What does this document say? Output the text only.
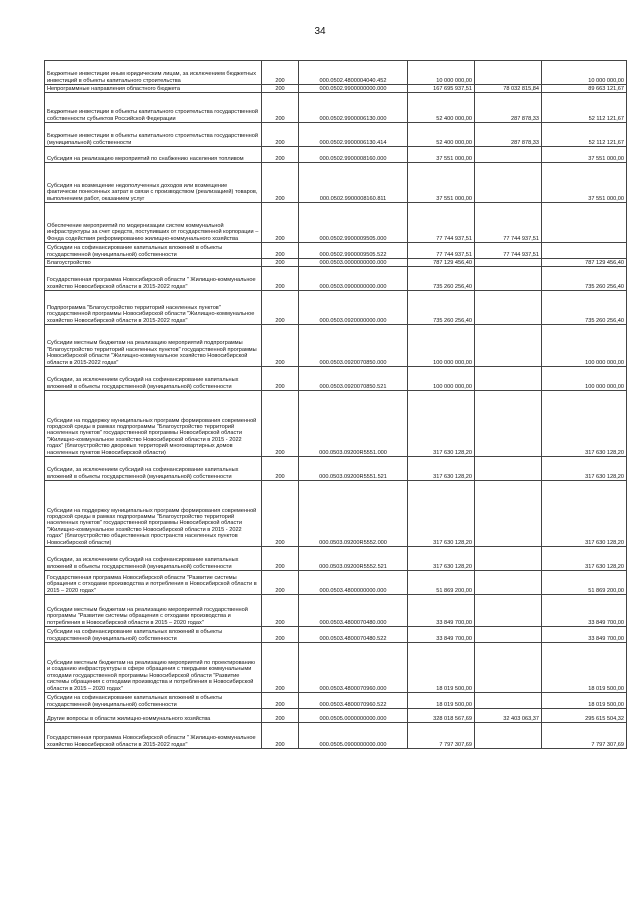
34
Бюджетные инвестиции иным юридическим лицам, за исключением бюджетных инвестиций в объекты капитального строительства	200	000.0502.4800004040.452	10 000 000,00		10 000 000,00
Непрограммные направления областного бюджета	200	000.0502.9900000000.000	167 695 937,51	78 032 815,84	89 663 121,67
Бюджетные инвестиции в объекты капитального строительства государственной собственности субъектов Российской Федерации	200	000.0502.9900006130.000	52 400 000,00	287 878,33	52 112 121,67
Бюджетные инвестиции в объекты капитального строительства государственной (муниципальной) собственности	200	000.0502.9900006130.414	52 400 000,00	287 878,33	52 112 121,67
Субсидия на реализацию мероприятий по снабжению населения топливом	200	000.0502.9900008160.000	37 551 000,00		37 551 000,00
Субсидия на возмещение недополученных доходов или возмещение фактически понесенных затрат в связи с производством (реализацией) товаров, выполнением работ, оказанием услуг	200	000.0502.9900008160.811	37 551 000,00		37 551 000,00
Обеспечение мероприятий по модернизации систем коммунальной инфраструктуры за счет средств, поступивших от государственной корпорации – Фонда содействия реформированию жилищно-коммунального хозяйства	200	000.0502.9900009505.000	77 744 937,51	77 744 937,51	
Субсидии на софинансирование капитальных вложений в объекты государственной (муниципальной) собственности	200	000.0502.9900009505.522	77 744 937,51	77 744 937,51	
Благоустройство	200	000.0503.0000000000.000	787 129 456,40		787 129 456,40
Государственная программа Новосибирской области " Жилищно-коммунальное хозяйство Новосибирской области в 2015-2022 годах"	200	000.0503.0900000000.000	735 260 256,40		735 260 256,40
Подпрограмма "Благоустройство территорий населенных пунктов" государственной программы Новосибирской области "Жилищно-коммунальное хозяйство Новосибирской области в 2015-2022 годах"	200	000.0503.0920000000.000	735 260 256,40		735 260 256,40
Субсидии местным бюджетам на реализацию мероприятий подпрограммы "Благоустройство территорий населенных пунктов" государственной программы Новосибирской области "Жилищно-коммунальное хозяйство Новосибирской области в 2015-2022 годах"	200	000.0503.0920070850.000	100 000 000,00		100 000 000,00
Субсидии, за исключением субсидий на софинансирование капитальных вложений в объекты государственной (муниципальной) собственности	200	000.0503.0920070850.521	100 000 000,00		100 000 000,00
Субсидии на поддержку муниципальных программ формирования современной городской среды в рамках подпрограммы "Благоустройство территорий населенных пунктов" государственной программы Новосибирской области "Жилищно-коммунальное хозяйство Новосибирской области в 2015 - 2022 годах" (благоустройство дворовых территорий многоквартирных домов населенных пунктов Новосибирской области)	200	000.0503.09200R5551.000	317 630 128,20		317 630 128,20
Субсидии, за исключением субсидий на софинансирование капитальных вложений в объекты государственной (муниципальной) собственности	200	000.0503.09200R5551.521	317 630 128,20		317 630 128,20
Субсидии на поддержку муниципальных программ формирования современной городской среды в рамках подпрограммы "Благоустройство территорий населенных пунктов" государственной программы Новосибирской области "Жилищно-коммунальное хозяйство Новосибирской области в 2015 - 2022 годах" (благоустройство общественных пространств населенных пунктов Новосибирской области)	200	000.0503.09200R5552.000	317 630 128,20		317 630 128,20
Субсидии, за исключением субсидий на софинансирование капитальных вложений в объекты государственной (муниципальной) собственности	200	000.0503.09200R5552.521	317 630 128,20		317 630 128,20
Государственная программа Новосибирской области "Развитие системы обращения с отходами производства и потребления в Новосибирской области в 2015 – 2020 годах"	200	000.0503.4800000000.000	51 869 200,00		51 869 200,00
Субсидии местным бюджетам на реализацию мероприятий государственной программы "Развитие системы обращения с отходами производства и потребления в Новосибирской области в 2015 – 2020 годах"	200	000.0503.4800070480.000	33 849 700,00		33 849 700,00
Субсидии на софинансирование капитальных вложений в объекты государственной (муниципальной) собственности	200	000.0503.4800070480.522	33 849 700,00		33 849 700,00
Субсидии местным бюджетам на реализацию мероприятий по проектированию и созданию инфраструктуры в сфере обращения с твердыми коммунальными отходами государственной программы Новосибирской области "Развитие системы обращения с отходами производства и потребления в Новосибирской области в 2015 – 2020 годах"	200	000.0503.4800070960.000	18 019 500,00		18 019 500,00
Субсидии на софинансирование капитальных вложений в объекты государственной (муниципальной) собственности	200	000.0503.4800070960.522	18 019 500,00		18 019 500,00
Другие вопросы в области жилищно-коммунального хозяйства	200	000.0505.0000000000.000	328 018 567,69	32 403 063,37	295 615 504,32
Государственная программа Новосибирской области " Жилищно-коммунальное хозяйство Новосибирской области в 2015-2022 годах"	200	000.0505.0900000000.000	7 797 307,69		7 797 307,69
